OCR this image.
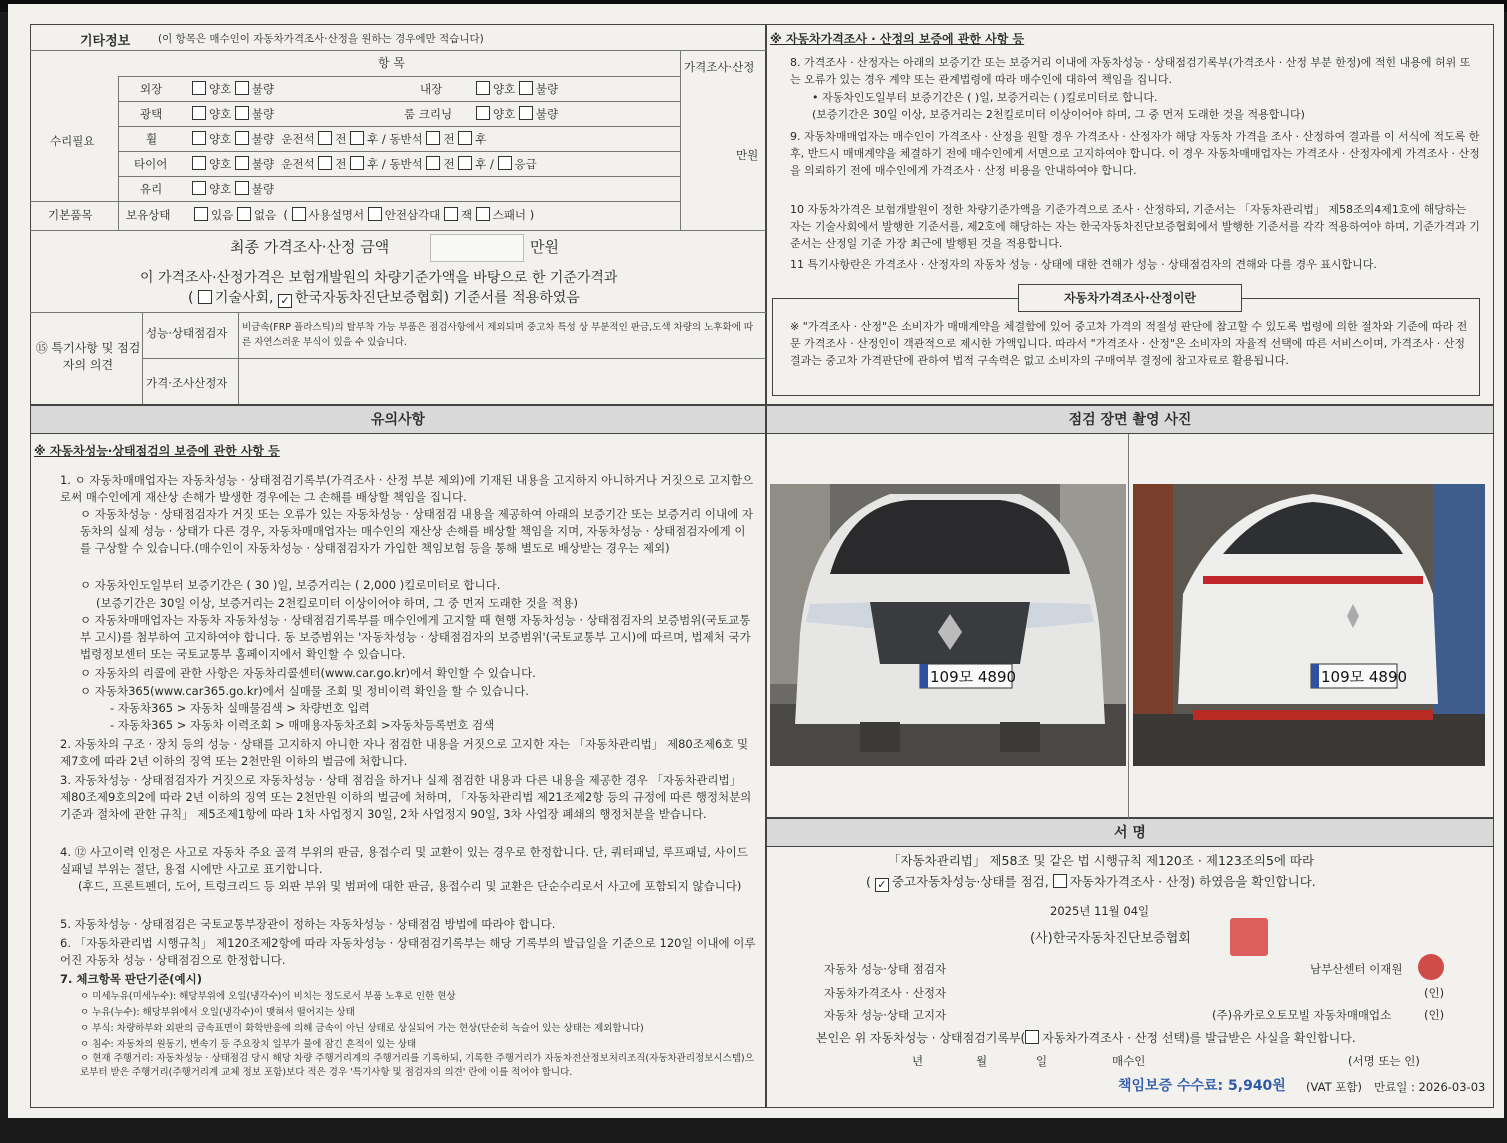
기타정보	(이 항목은 매수인이 자동차가격조사·산정을 원하는 경우에만 적습니다)
항 목	가격조사·산정
수리필요
외장	양호 불량	내장	양호 불량
광택	양호 불량	룸 크리닝	양호 불량
휠	양호 불량 운전석 전 후 / 동반석 전 후
타이어	양호 불량 운전석 전 후 / 동반석 전 후 / 응급
만원
유리	양호 불량
기본품목	보유상태	있음 없음  ( 사용설명서 안전삼각대 잭 스패너 )
최종 가격조사·산정 금액	만원
이 가격조사·산정가격은 보험개발원의 차량기준가액을 바탕으로 한 기준가격과
( 기술사회, ✓ 한국자동차진단보증협회) 기준서를 적용하였음
⑮ 특기사항 및 점검자의 의견
성능·상태점검자 비금속(FRP 플라스틱)의 탈부착 가능 부품은 점검사항에서 제외되며 중고차 특성 상 부분적인 판금,도색 차량의 노후화에 따른 자연스러운 부식이 있을 수 있습니다.
가격·조사산정자
※ 자동차가격조사 · 산정의 보증에 관한 사항 등
8. 가격조사 · 산정자는 아래의 보증기간 또는 보증거리 이내에 자동차성능 · 상태점검기록부(가격조사 · 산정 부분 한정)에 적힌 내용에 허위 또는 오류가 있는 경우 계약 또는 관계법령에 따라 매수인에 대하여 책임을 집니다.
• 자동차인도일부터 보증기간은 ( )일, 보증거리는 ( )킬로미터로 합니다.
(보증기간은 30일 이상, 보증거리는 2천킬로미터 이상이어야 하며, 그 중 먼저 도래한 것을 적용합니다)
9. 자동차매매업자는 매수인이 가격조사 · 산정을 원할 경우 가격조사 · 산정자가 해당 자동차 가격을 조사 · 산정하여 결과를 이 서식에 적도록 한 후, 반드시 매매계약을 체결하기 전에 매수인에게 서면으로 고지하여야 합니다. 이 경우 자동차매매업자는 가격조사 · 산정자에게 가격조사 · 산정을 의뢰하기 전에 매수인에게 가격조사 · 산정 비용을 안내하여야 합니다.
10 자동차가격은 보험개발원이 정한 차량기준가액을 기준가격으로 조사 · 산정하되, 기준서는 「자동차관리법」 제58조의4제1호에 해당하는 자는 기술사회에서 발행한 기준서를, 제2호에 해당하는 자는 한국자동차진단보증협회에서 발행한 기준서를 각각 적용하여야 하며, 기준가격과 기준서는 산정일 기준 가장 최근에 발행된 것을 적용합니다.
11 특기사항란은 가격조사 · 산정자의 자동차 성능 · 상태에 대한 견해가 성능 · 상태점검자의 견해와 다를 경우 표시합니다.
자동차가격조사·산정이란
※ "가격조사 · 산정"은 소비자가 매매계약을 체결함에 있어 중고차 가격의 적절성 판단에 참고할 수 있도록 법령에 의한 절차와 기준에 따라 전문 가격조사 · 산정인이 객관적으로 제시한 가액입니다. 따라서 "가격조사 · 산정"은 소비자의 자율적 선택에 따른 서비스이며, 가격조사 · 산정 결과는 중고차 가격판단에 관하여 법적 구속력은 없고 소비자의 구매여부 결정에 참고자료로 활용됩니다.
유의사항
※ 자동차성능·상태점검의 보증에 관한 사항 등
1. ㅇ 자동차매매업자는 자동차성능 · 상태점검기록부(가격조사 · 산정 부분 제외)에 기재된 내용을 고지하지 아니하거나 거짓으로 고지함으로써 매수인에게 재산상 손해가 발생한 경우에는 그 손해를 배상할 책임을 집니다.
ㅇ 자동차성능 · 상태점검자가 거짓 또는 오류가 있는 자동차성능 · 상태점검 내용을 제공하여 아래의 보증기간 또는 보증거리 이내에 자동차의 실제 성능 · 상태가 다른 경우, 자동차매매업자는 매수인의 재산상 손해를 배상할 책임을 지며, 자동차성능 · 상태점검자에게 이를 구상할 수 있습니다.(매수인이 자동차성능 · 상태점검자가 가입한 책임보험 등을 통해 별도로 배상받는 경우는 제외)
ㅇ 자동차인도일부터 보증기간은 ( 30 )일, 보증거리는 ( 2,000 )킬로미터로 합니다.
(보증기간은 30일 이상, 보증거리는 2천킬로미터 이상이어야 하며, 그 중 먼저 도래한 것을 적용)
ㅇ 자동차매매업자는 자동차 자동차성능 · 상태점검기록부를 매수인에게 고지할 때 현행 자동차성능 · 상태점검자의 보증범위(국토교통부 고시)를 첨부하여 고지하여야 합니다. 동 보증범위는 '자동차성능 · 상태점검자의 보증범위'(국토교통부 고시)에 따르며, 법제처 국가법령정보센터 또는 국토교통부 홈페이지에서 확인할 수 있습니다.
ㅇ 자동차의 리콜에 관한 사항은 자동차리콜센터(www.car.go.kr)에서 확인할 수 있습니다.
ㅇ 자동차365(www.car365.go.kr)에서 실매물 조회 및 정비이력 확인을 할 수 있습니다.
- 자동차365 > 자동차 실매물검색 > 차량번호 입력
- 자동차365 > 자동차 이력조회 > 매매용자동차조회 >자동차등록번호 검색
2. 자동차의 구조 · 장치 등의 성능 · 상태를 고지하지 아니한 자나 점검한 내용을 거짓으로 고지한 자는 「자동차관리법」 제80조제6호 및 제7호에 따라 2년 이하의 징역 또는 2천만원 이하의 벌금에 처합니다.
3. 자동차성능 · 상태점검자가 거짓으로 자동차성능 · 상태 점검을 하거나 실제 점검한 내용과 다른 내용을 제공한 경우 「자동차관리법」 제80조제9호의2에 따라 2년 이하의 징역 또는 2천만원 이하의 벌금에 처하며, 「자동차관리법 제21조제2항 등의 규정에 따른 행정처분의 기준과 절차에 관한 규칙」 제5조제1항에 따라 1차 사업정지 30일, 2차 사업정지 90일, 3차 사업장 폐쇄의 행정처분을 받습니다.
4. ⑫ 사고이력 인정은 사고로 자동차 주요 골격 부위의 판금, 용접수리 및 교환이 있는 경우로 한정합니다. 단, 쿼터패널, 루프패널, 사이드실패널 부위는 절단, 용접 시에만 사고로 표기합니다.
(후드, 프론트펜더, 도어, 트렁크리드 등 외판 부위 및 범퍼에 대한 판금, 용접수리 및 교환은 단순수리로서 사고에 포함되지 않습니다)
5. 자동차성능 · 상태점검은 국토교통부장관이 정하는 자동차성능 · 상태점검 방법에 따라야 합니다.
6. 「자동차관리법 시행규칙」 제120조제2항에 따라 자동차성능 · 상태점검기록부는 해당 기록부의 발급일을 기준으로 120일 이내에 이루어진 자동차 성능 · 상태점검으로 한정합니다.
7. 체크항목 판단기준(예시)
ㅇ 미세누유(미세누수): 해당부위에 오일(냉각수)이 비치는 정도로서 부품 노후로 인한 현상
ㅇ 누유(누수): 해당부위에서 오일(냉각수)이 맺혀서 떨어지는 상태
ㅇ 부식: 차량하부와 외판의 금속표면이 화학반응에 의해 금속이 아닌 상태로 상실되어 가는 현상(단순히 녹슬어 있는 상태는 제외합니다)
ㅇ 침수: 자동차의 원동기, 변속기 등 주요장치 일부가 물에 잠긴 흔적이 있는 상태
ㅇ 현재 주행거리: 자동차성능 · 상태점검 당시 해당 차량 주행거리계의 주행거리를 기록하되, 기록한 주행거리가 자동차전산정보처리조직(자동차관리정보시스템)으로부터 받은 주행거리(주행거리계 교체 정보 포함)보다 적은 경우 '특기사항 및 점검자의 의견' 란에 이를 적어야 합니다.
점검 장면 촬영 사진
109모 4890	109모 4890
서 명
「자동차관리법」 제58조 및 같은 법 시행규칙 제120조 · 제123조의5에 따라
( ✓ 중고자동차성능·상태를 점검, 자동차가격조사 · 산정) 하였음을 확인합니다.
2025년 11월 04일
(사)한국자동차진단보증협회
자동차 성능·상태 점검자	남부산센터 이재원
자동차가격조사 · 산정자	(인)
자동차 성능·상태 고지자	(주)유카로오토모빌 자동차매매업소	(인)
본인은 위 자동차성능 · 상태점검기록부( 자동차가격조사 · 산정 선택)를 발급받은 사실을 확인합니다.
년	월	일	매수인	(서명 또는 인)
책임보증 수수료: 5,940원 (VAT 포함) 만료일 : 2026-03-03
